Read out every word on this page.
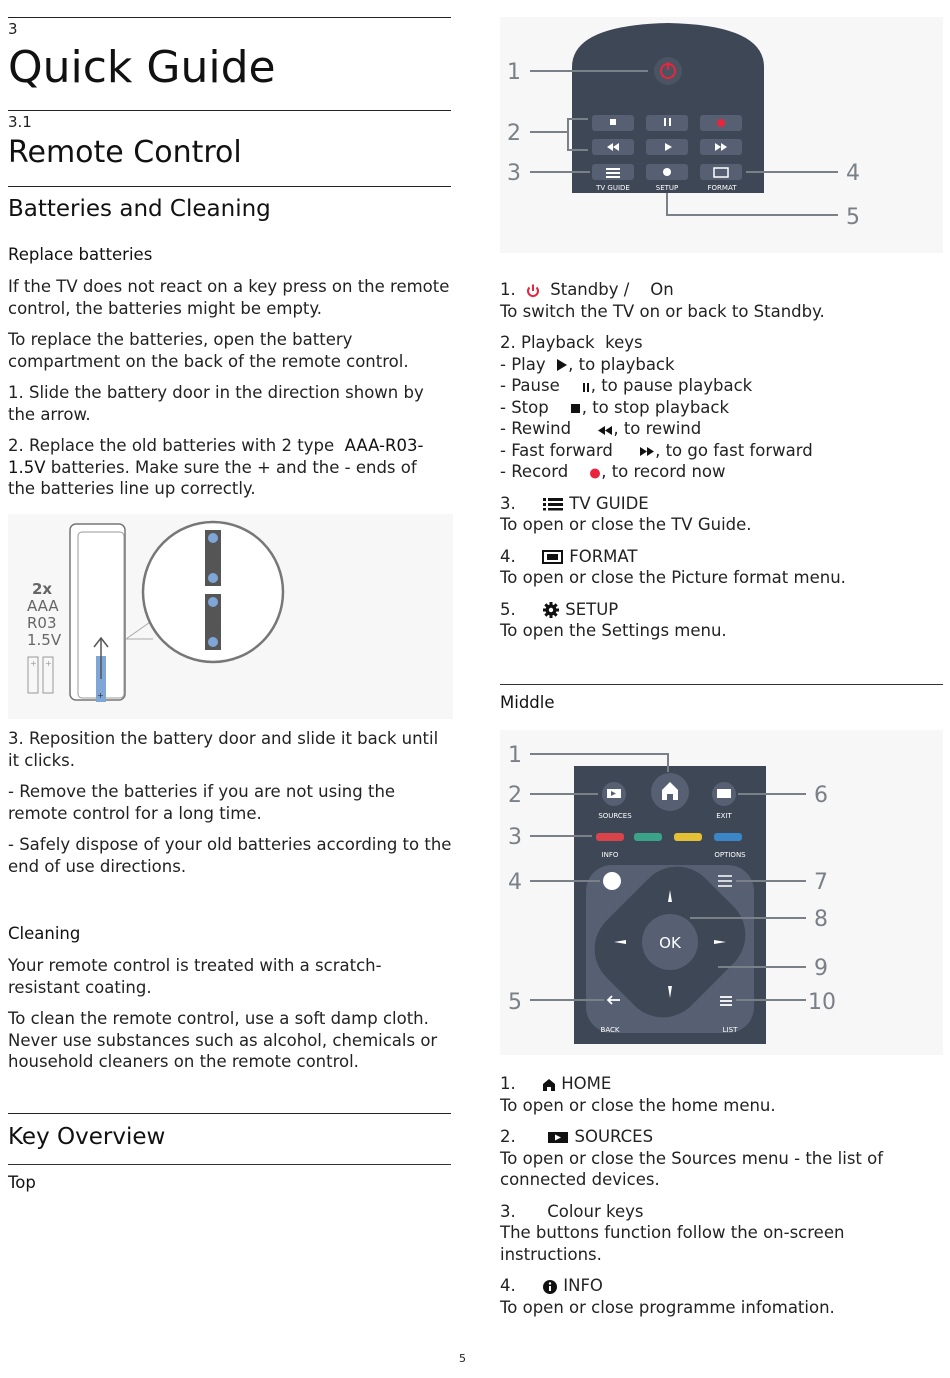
3
Quick Guide
3.1
Remote Control
Batteries and Cleaning
Replace batteries
If the TV does not react on a key press on the remote control, the batteries might be empty.
To replace the batteries, open the battery compartment on the back of the remote control.
1. Slide the battery door in the direction shown by the arrow.
2. Replace the old batteries with 2 type AAA-R03-1.5V batteries. Make sure the + and the - ends of the batteries line up correctly.
2x
AAA
R03
1.5V
+ +
+
3. Reposition the battery door and slide it back until it clicks.
- Remove the batteries if you are not using the remote control for a long time.
- Safely dispose of your old batteries according to the end of use directions.
Cleaning
Your remote control is treated with a scratch-resistant coating.
To clean the remote control, use a soft damp cloth. Never use substances such as alcohol, chemicals or household cleaners on the remote control.
Key Overview
Top
TV GUIDE	SETUP	FORMAT
1
2
3	4
5
1. Standby / On
To switch the TV on or back to Standby.
2. Playback keys
- Play , to playback
- Pause , to pause playback
- Stop , to stop playback
- Rewind	, to rewind
- Fast forward	, to go fast forward
- Record , to record now
3.	TV GUIDE
To open or close the TV Guide.
4.	FORMAT
To open or close the Picture format menu.
5.	SETUP
To open the Settings menu.
Middle
SOURCES	EXIT
INFO	OPTIONS
OK
BACK	LIST
1
2
3
4
5
6
7
8
9
10
1.	HOME
To open or close the home menu.
2.	SOURCES
To open or close the Sources menu - the list of connected devices.
3. Colour keys
The buttons function follow the on-screen instructions.
4.	INFO
To open or close programme infomation.
5
